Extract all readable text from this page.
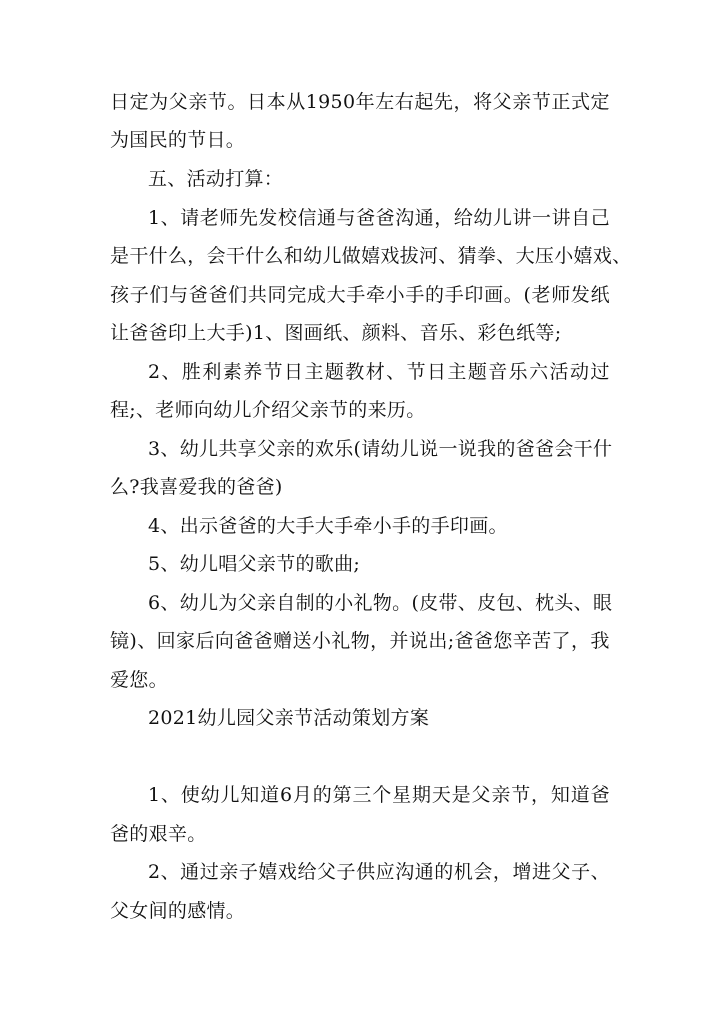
日 定 为 父 亲 节 。 日 本 从 1950 年 左 右 起 先 ， 将 父 亲 节 正 式 定
为国民的节日。
五、活动打算：
1 、 请 老 师 先 发 校 信 通 与 爸 爸 沟 通 ， 给 幼 儿 讲 一 讲 自 己
是 干 什 么 ， 会 干 什 么 和 幼 儿 做 嬉 戏 拔 河 、 猜 拳 、 大 压 小 嬉 戏 、
孩 子 们 与 爸 爸 们 共 同 完 成 大 手 牵 小 手 的 手 印 画 。 ( 老 师 发 纸
让爸爸印上大手)1、图画纸、颜料、音乐、彩色纸等;
2 、 胜 利 素 养 节 日 主 题 教 材 、 节 日 主 题 音 乐 六 活 动 过
程;、老师向幼儿介绍父亲节的来历。
3 、 幼 儿 共 享 父 亲 的 欢 乐 ( 请 幼 儿 说 一 说 我 的 爸 爸 会 干 什
么?我喜爱我的爸爸)
4、出示爸爸的大手大手牵小手的手印画。
5、幼儿唱父亲节的歌曲;
6 、 幼 儿 为 父 亲 自 制 的 小 礼 物 。 ( 皮 带 、 皮 包 、 枕 头 、 眼
镜 ) 、 回 家 后 向 爸 爸 赠 送 小 礼 物 ， 并 说 出 ; 爸 爸 您 辛 苦 了 ， 我
爱您。
2021幼儿园父亲节活动策划方案
1 、 使 幼 儿 知 道 6 月 的 第 三 个 星 期 天 是 父 亲 节 ， 知 道 爸
爸的艰辛。
2 、 通 过 亲 子 嬉 戏 给 父 子 供 应 沟 通 的 机 会 ， 增 进 父 子 、
父女间的感情。
